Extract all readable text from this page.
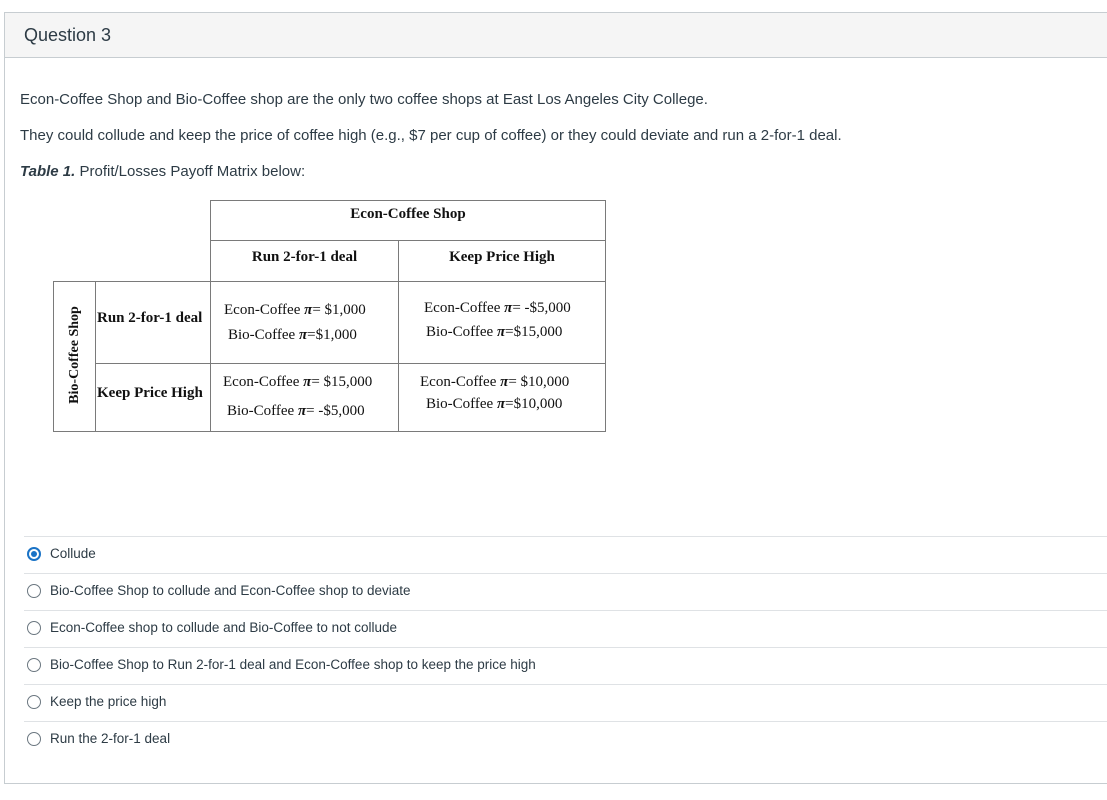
Question 3
Econ-Coffee Shop and Bio-Coffee shop are the only two coffee shops at East Los Angeles City College.
They could collude and keep the price of coffee high (e.g., $7 per cup of coffee) or they could deviate and run a 2-for-1 deal.
Table 1. Profit/Losses Payoff Matrix below:
Econ-Coffee Shop
Run 2-for-1 deal	Keep Price High
Bio-Coffee Shop Run 2-for-1 deal
Keep Price High
Econ-Coffee π= $1,000
Bio-Coffee π=$1,000
Econ-Coffee π= -$5,000
Bio-Coffee π=$15,000
Econ-Coffee π= $15,000
Bio-Coffee π= -$5,000
Econ-Coffee π= $10,000
Bio-Coffee π=$10,000
Collude
Bio-Coffee Shop to collude and Econ-Coffee shop to deviate
Econ-Coffee shop to collude and Bio-Coffee to not collude
Bio-Coffee Shop to Run 2-for-1 deal and Econ-Coffee shop to keep the price high
Keep the price high
Run the 2-for-1 deal
